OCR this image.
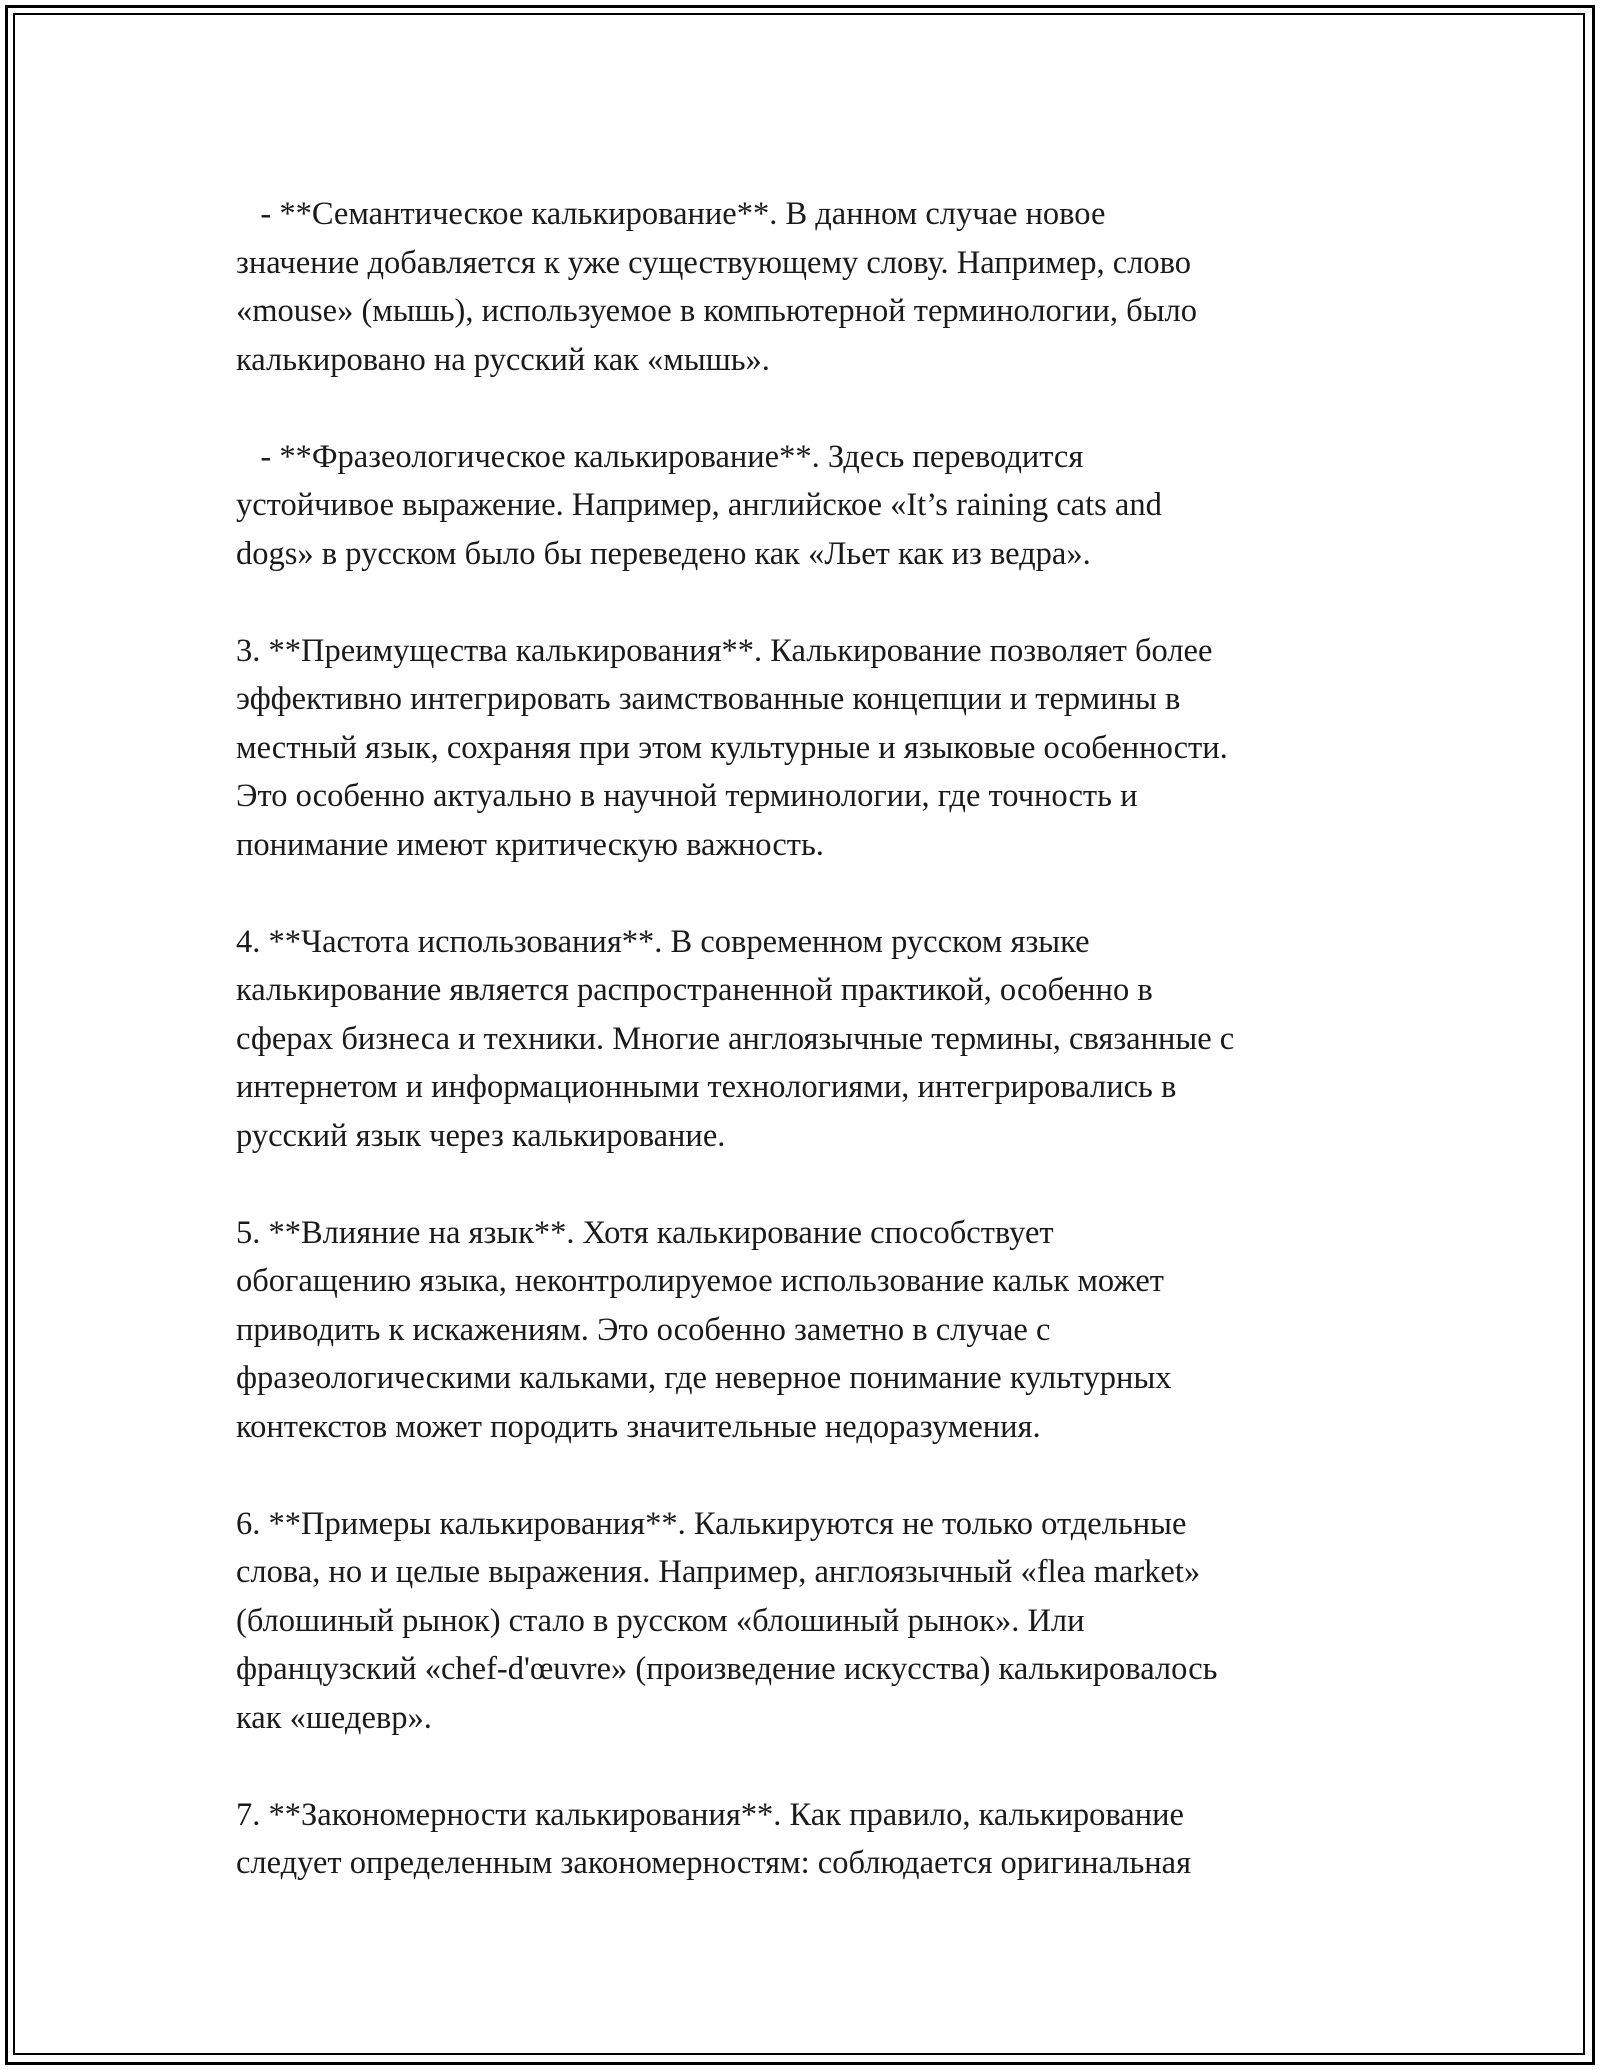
- **Семантическое калькирование**. В данном случае новое
значение добавляется к уже существующему слову. Например, слово
«mouse» (мышь), используемое в компьютерной терминологии, было
калькировано на русский как «мышь».

- **Фразеологическое калькирование**. Здесь переводится
устойчивое выражение. Например, английское «It’s raining cats and
dogs» в русском было бы переведено как «Льет как из ведра».

3. **Преимущества калькирования**. Калькирование позволяет более
эффективно интегрировать заимствованные концепции и термины в
местный язык, сохраняя при этом культурные и языковые особенности.
Это особенно актуально в научной терминологии, где точность и
понимание имеют критическую важность.

4. **Частота использования**. В современном русском языке
калькирование является распространенной практикой, особенно в
сферах бизнеса и техники. Многие англоязычные термины, связанные с
интернетом и информационными технологиями, интегрировались в
русский язык через калькирование.

5. **Влияние на язык**. Хотя калькирование способствует
обогащению языка, неконтролируемое использование кальк может
приводить к искажениям. Это особенно заметно в случае с
фразеологическими кальками, где неверное понимание культурных
контекстов может породить значительные недоразумения.

6. **Примеры калькирования**. Калькируются не только отдельные
слова, но и целые выражения. Например, англоязычный «flea market»
(блошиный рынок) стало в русском «блошиный рынок». Или
французский «chef-d'œuvre» (произведение искусства) калькировалось
как «шедевр».

7. **Закономерности калькирования**. Как правило, калькирование
следует определенным закономерностям: соблюдается оригинальная
